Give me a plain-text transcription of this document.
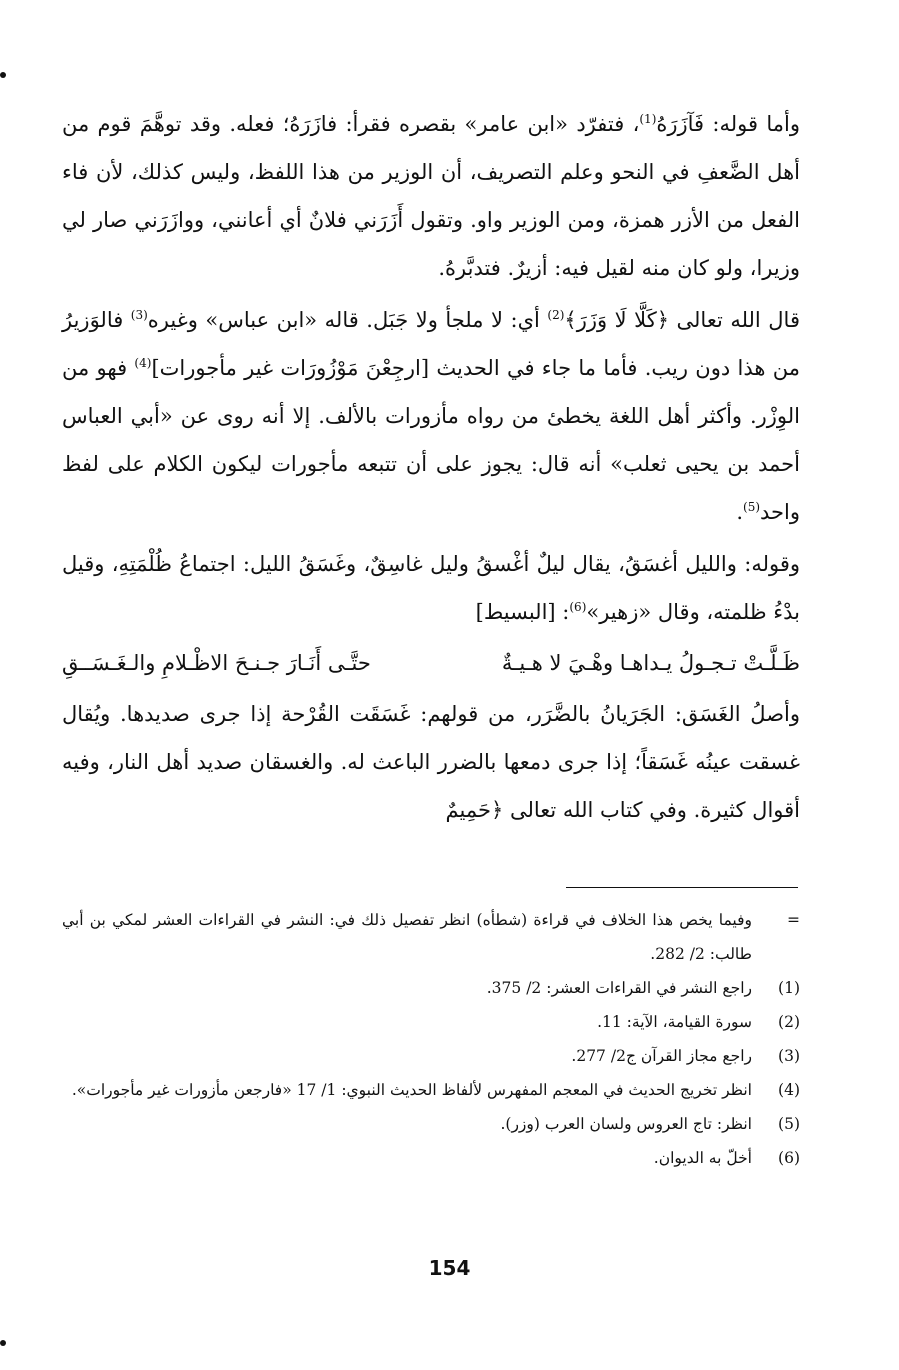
وأما قوله: فَآزَرَهُ$^{(1)}$، فتفرّد «ابن عامر» بقصره فقرأ: فازَرَهُ؛ فعله. وقد توهَّمَ قوم من أهل الضَّعفِ في النحو وعلم التصريف، أن الوزير من هذا اللفظ، وليس كذلك، لأن فاء الفعل من الأزر همزة، ومن الوزير واو. وتقول أَزَرَني فلانٌ أي أعانني، ووازَرَني صار لي وزيرا، ولو كان منه لقيل فيه: أزيرٌ. فتدبَّرهُ.

قال الله تعالى ﴿كَلَّا لَا وَزَرَ﴾$^{(2)}$ أي: لا ملجأ ولا جَبَل. قاله «ابن عباس» وغيره$^{(3)}$ فالوَزيرُ من هذا دون ريب. فأما ما جاء في الحديث [ارجِعْنَ مَوْزُورَات غير مأجورات]$^{(4)}$ فهو من الوِزْر. وأكثر أهل اللغة يخطئ من رواه مأزورات بالألف. إلا أنه روى عن «أبي العباس أحمد بن يحيى ثعلب» أنه قال: يجوز على أن تتبعه مأجورات ليكون الكلام على لفظ واحد$^{(5)}$.

وقوله: والليل أغسَقُ، يقال ليلٌ أغْسقُ وليل غاسِقٌ، وغَسَقُ الليل: اجتماعُ ظُلْمَتِهِ، وقيل بدْءُ ظلمته، وقال «زهير»$^{(6)}$: [البسيط]

ظَـلَّـتْ تـجـولُ يـداهـا وهْـيَ لا هـيـةٌ
حتَّـى أَنَـارَ جـنـحَ الاظْـلامِ والـغَـسَــقِ

وأصلُ الغَسَق: الجَرَيانُ بالضَّرَر، من قولهم: غَسَقَت القُرْحة إذا جرى صديدها. ويُقال غسقت عينُه غَسَقاً؛ إذا جرى دمعها بالضرر الباعث له. والغسقان صديد أهل النار، وفيه أقوال كثيرة. وفي كتاب الله تعالى ﴿حَمِيمٌ

=
وفيما يخص هذا الخلاف في قراءة (شطأه) انظر تفصيل ذلك في: النشر في القراءات العشر لمكي بن أبي طالب: 2/ 282.
(1)
راجع النشر في القراءات العشر: 2/ 375.
(2)
سورة القيامة، الآية: 11.
(3)
راجع مجاز القرآن ج2/ 277.
(4)
انظر تخريج الحديث في المعجم المفهرس لألفاظ الحديث النبوي: 1/ 17 «فارجعن مأزورات غير مأجورات».
(5)
انظر: تاج العروس ولسان العرب (وزر).
(6)
أخلّ به الديوان.
154
